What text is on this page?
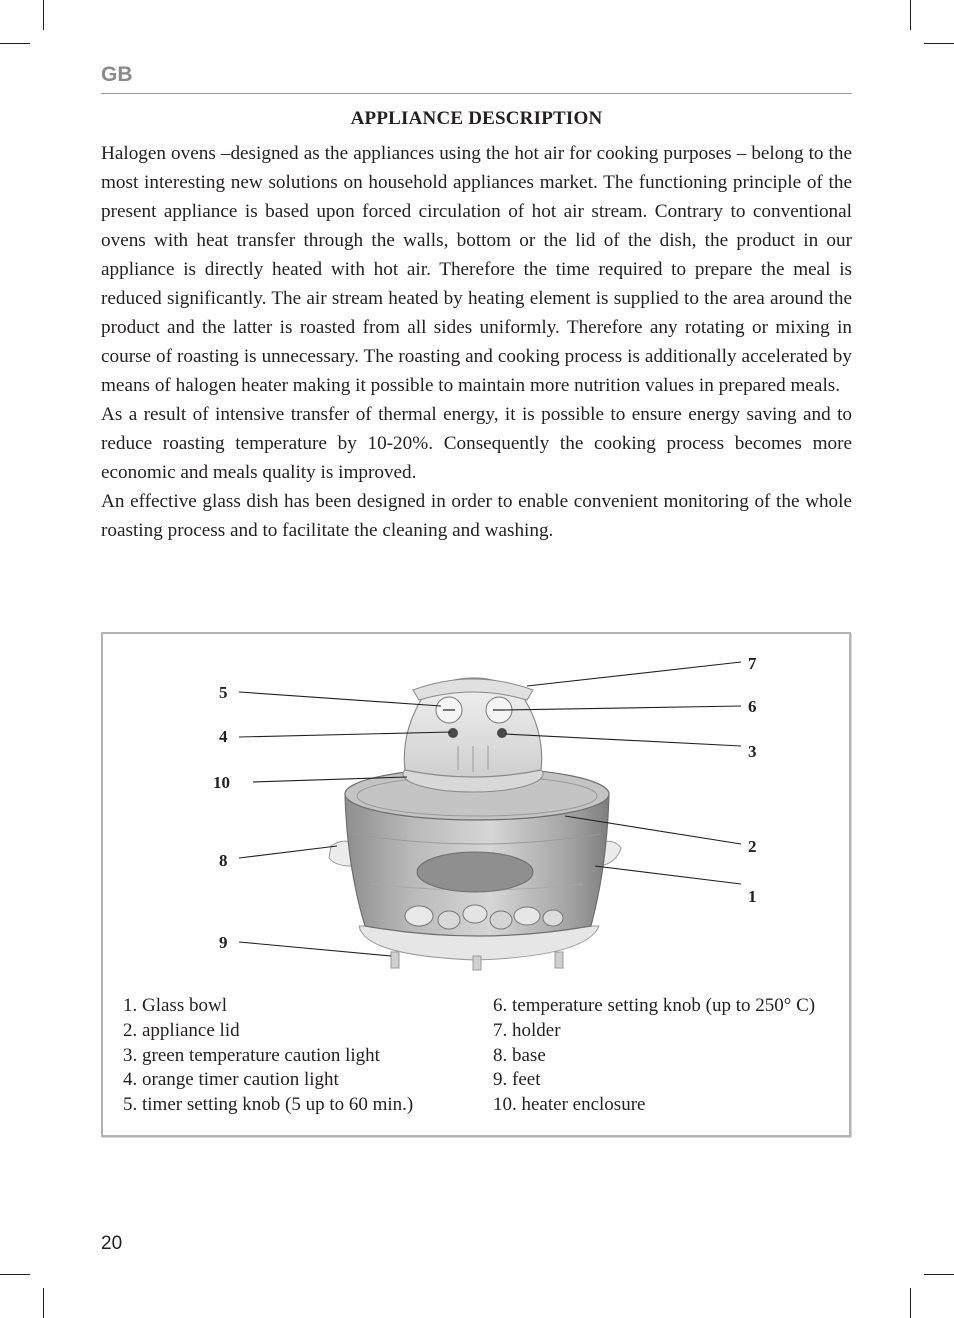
GB
APPLIANCE DESCRIPTION

Halogen ovens –designed as the appliances using the hot air for cooking purposes – belong to the most interesting new solutions on household appliances market. The functioning principle of the present appliance is based upon forced circulation of hot air stream. Contrary to conventional ovens with heat transfer through the walls, bottom or the lid of the dish, the product in our appliance is directly heated with hot air. Therefore the time required to prepare the meal is reduced significantly. The air stream heated by heating element is supplied to the area around the product and the latter is roasted from all sides uniformly. Therefore any rotating or mixing in course of roasting is unnecessary. The roasting and cooking process is additionally accelerated by means of halogen heater making it possible to maintain more nutrition values in prepared meals.

As a result of intensive transfer of thermal energy, it is possible to ensure energy saving and to reduce roasting temperature by 10-20%. Consequently the cooking process becomes more economic and meals quality is improved.

An effective glass dish has been designed in order to enable convenient monitoring of the whole roasting process and to facilitate the cleaning and washing.

5
4
10
8
9
7
6
3
2
1
1. Glass bowl
2. appliance lid
3. green temperature caution light
4. orange timer caution light
5. timer setting knob (5 up to 60 min.)
6. temperature setting knob (up to 250° C)
7. holder
8. base
9. feet
10. heater enclosure
20
